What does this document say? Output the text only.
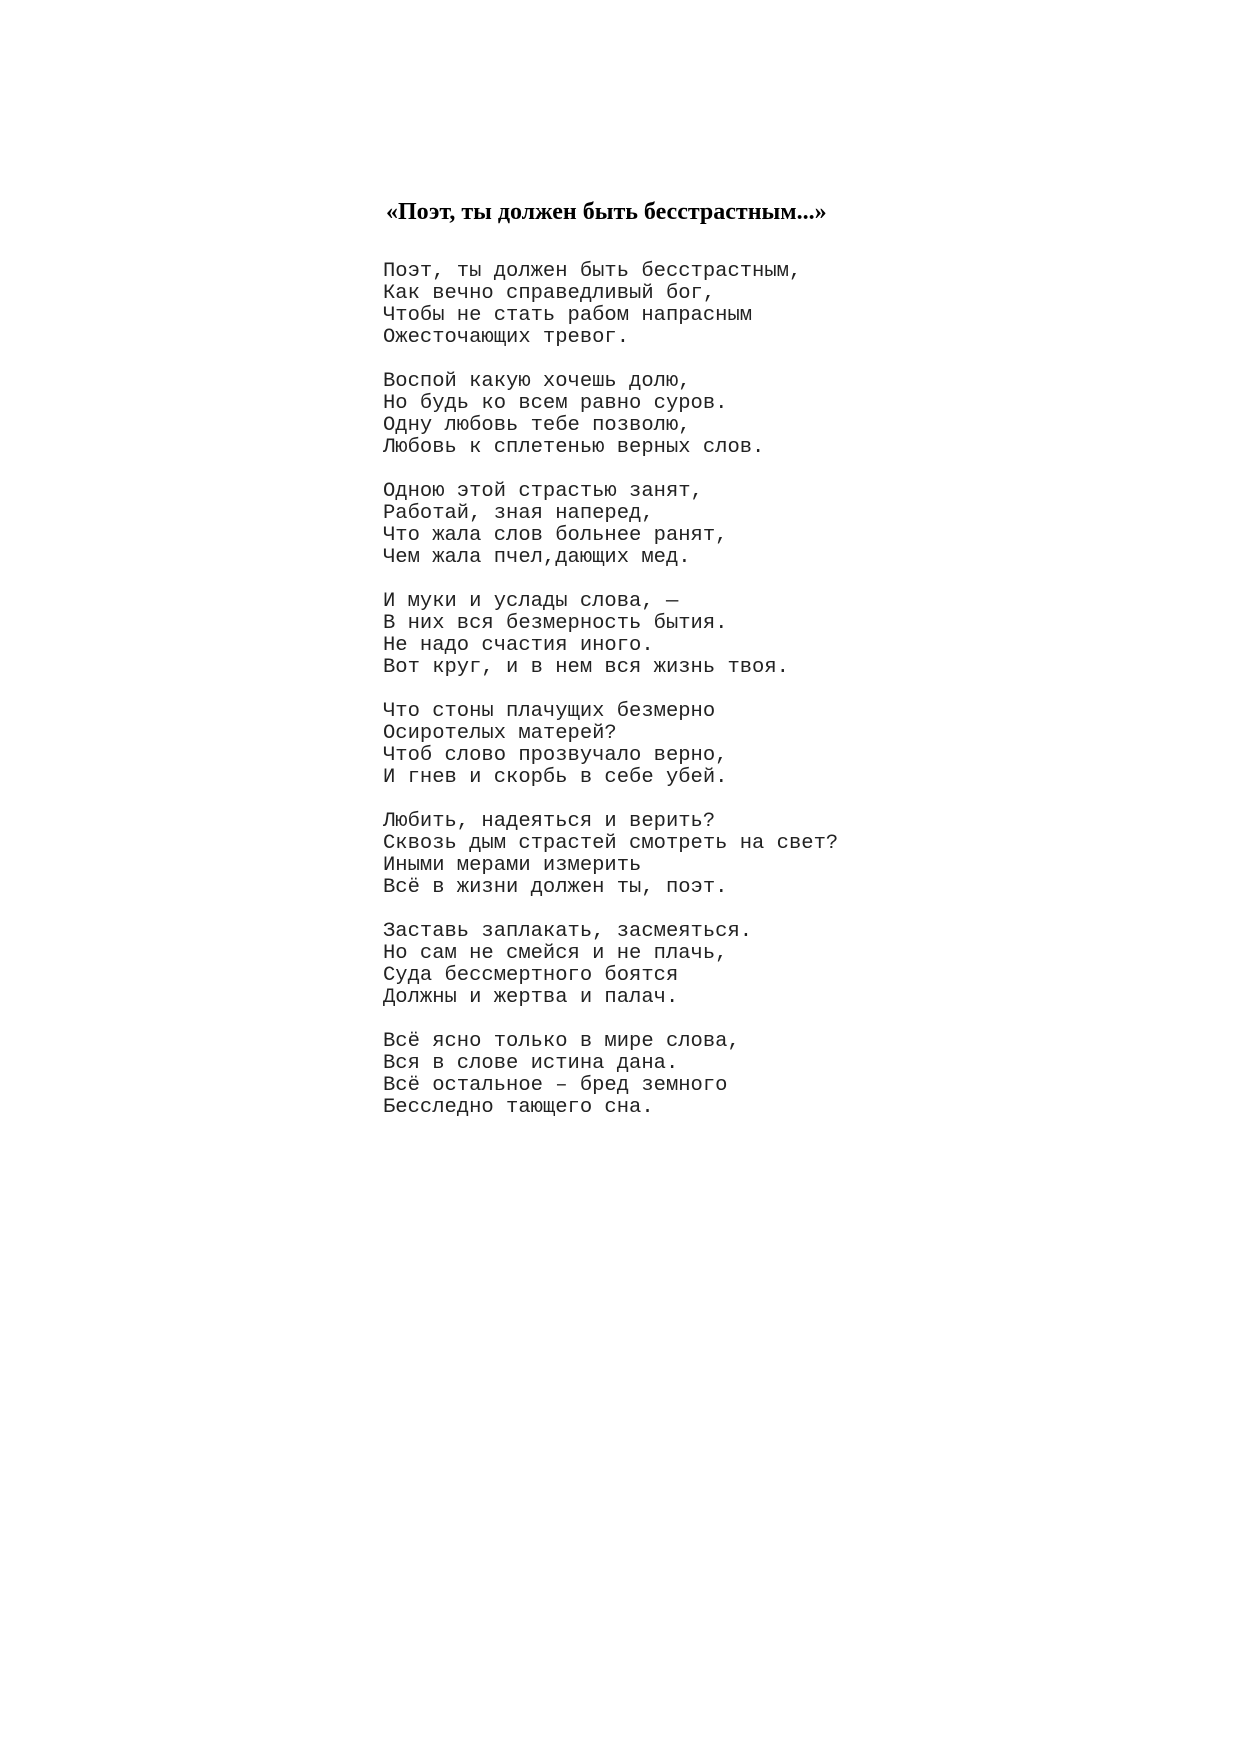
«Поэт, ты должен быть бесстрастным...»
Поэт, ты должен быть бесстрастным,
Как вечно справедливый бог,
Чтобы не стать рабом напрасным
Ожесточающих тревог.
Воспой какую хочешь долю,
Но будь ко всем равно суров.
Одну любовь тебе позволю,
Любовь к сплетенью верных слов.
Одною этой страстью занят,
Работай, зная наперед,
Что жала слов больнее ранят,
Чем жала пчел,дающих мед.
И муки и услады слова, —
В них вся безмерность бытия.
Не надо счастия иного.
Вот круг, и в нем вся жизнь твоя.
Что стоны плачущих безмерно
Осиротелых матерей?
Чтоб слово прозвучало верно,
И гнев и скорбь в себе убей.
Любить, надеяться и верить?
Сквозь дым страстей смотреть на свет?
Иными мерами измерить
Всё в жизни должен ты, поэт.
Заставь заплакать, засмеяться.
Но сам не смейся и не плачь,
Суда бессмертного боятся
Должны и жертва и палач.
Всё ясно только в мире слова,
Вся в слове истина дана.
Всё остальное – бред земного
Бесследно тающего сна.
